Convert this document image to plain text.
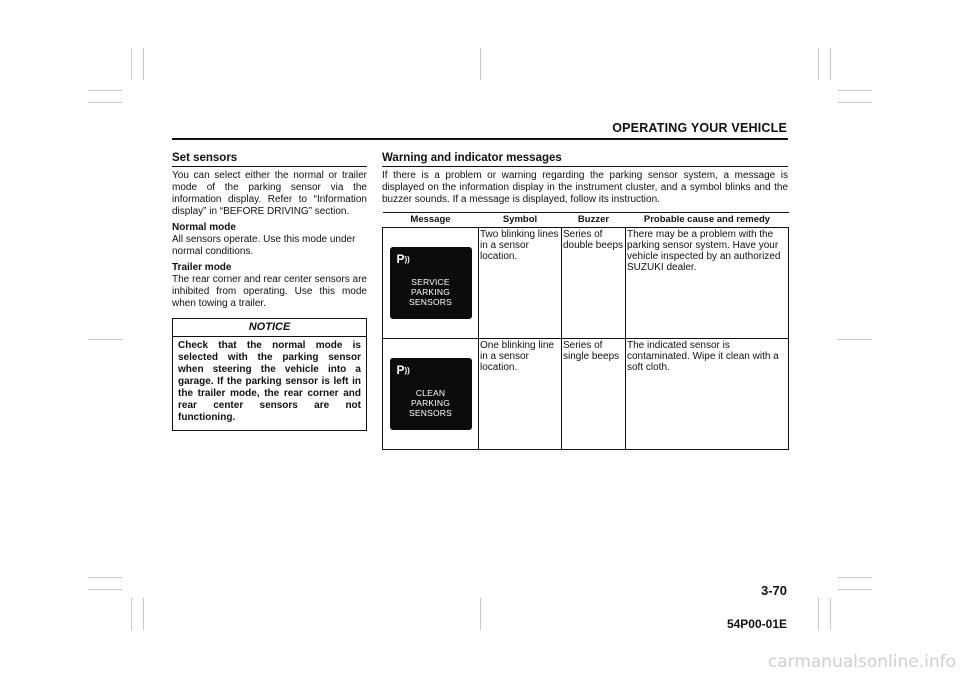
OPERATING YOUR VEHICLE
Set sensors

You can select either the normal or trailer mode of the parking sensor via the information display. Refer to “Information display” in “BEFORE DRIVING” section.

Normal mode

All sensors operate. Use this mode under normal conditions.

Trailer mode

The rear corner and rear center sensors are inhibited from operating. Use this mode when towing a trailer.

NOTICE
Check that the normal mode is selected with the parking sensor when steering the vehicle into a garage. If the parking sensor is left in the trailer mode, the rear corner and rear center sensors are not functioning.
Warning and indicator messages

If there is a problem or warning regarding the parking sensor system, a message is displayed on the information display in the instrument cluster, and a symbol blinks and the buzzer sounds. If a message is displayed, follow its instruction.

Message	Symbol	Buzzer	Probable cause and remedy

P))
SERVICE
PARKING
SENSORS	Two blinking lines in a sensor location.	Series of double beeps	There may be a problem with the parking sensor system. Have your vehicle inspected by an authorized SUZUKI dealer.

P))
CLEAN
PARKING
SENSORS	One blinking line in a sensor location.	Series of single beeps	The indicated sensor is contaminated. Wipe it clean with a soft cloth.
3-70
54P00-01E
carmanualsonline.info
